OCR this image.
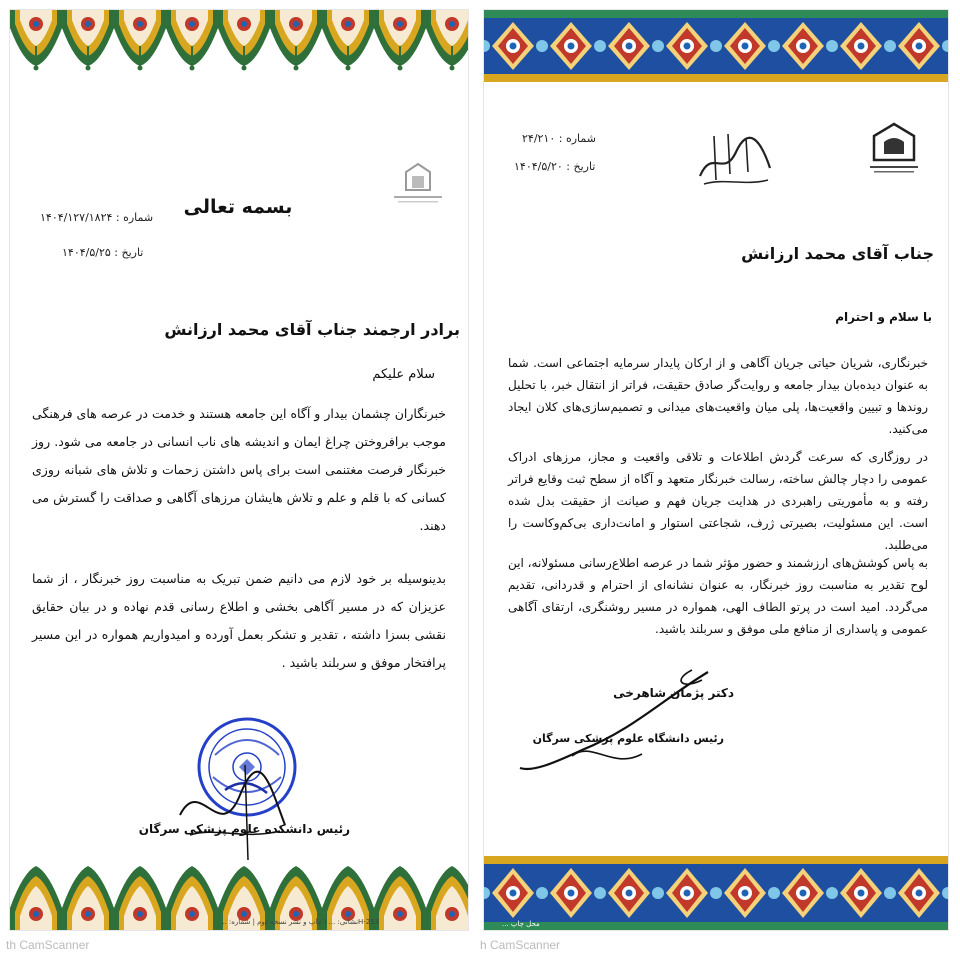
بسمه تعالی
شماره : ۱۴۰۴/۱۲۷/۱۸۲۴
تاریخ : ۱۴۰۴/۵/۲۵
برادر ارجمند جناب آقای محمد ارزانش
سلام علیکم
خبرنگاران چشمان بیدار و آگاه این جامعه هستند و خدمت در عرصه های فرهنگی موجب برافروختن چراغ ایمان و اندیشه های ناب انسانی در جامعه می شود. روز خبرنگار فرصت مغتنمی است برای پاس داشتن زحمات و تلاش های شبانه روزی کسانی که با قلم و علم و تلاش هایشان مرزهای آگاهی و صداقت را گسترش می دهند.
بدینوسیله بر خود لازم می دانیم ضمن تبریک به مناسبت روز خبرنگار ، از شما عزیزان که در مسیر آگاهی بخشی و اطلاع رسانی قدم نهاده و در بیان حقایق نقشی بسزا داشته ، تقدیر و تشکر بعمل آورده و امیدواریم همواره در این مسیر پرافتخار موفق و سربلند باشید .
رئیس دانشکده علوم پزشکی سرگان
H-253
نشانی: ... | چاپ و نشر نسخه دوم | شماره: ...
th CamScanner
شماره : ۲۴/۲۱۰
تاریخ : ۱۴۰۴/۵/۲۰
جناب آقای محمد ارزانش
با سلام و احترام
خبرنگاری، شریان حیاتی جریان آگاهی و از ارکان پایدار سرمایه اجتماعی است. شما به عنوان دیده‌بان بیدار جامعه و روایت‌گر صادق حقیقت، فراتر از انتقال خبر، با تحلیل روندها و تبیین واقعیت‌ها، پلی میان واقعیت‌های میدانی و تصمیم‌سازی‌های کلان ایجاد می‌کنید.
در روزگاری که سرعت گردش اطلاعات و تلاقی واقعیت و مجاز، مرزهای ادراک عمومی را دچار چالش ساخته، رسالت خبرنگار متعهد و آگاه از سطح ثبت وقایع فراتر رفته و به مأموریتی راهبردی در هدایت جریان فهم و صیانت از حقیقت بدل شده است. این مسئولیت، بصیرتی ژرف، شجاعتی استوار و امانت‌داری بی‌کم‌وکاست را می‌طلبد.
به پاس کوشش‌های ارزشمند و حضور مؤثر شما در عرصه اطلاع‌رسانی مسئولانه، این لوح تقدیر به مناسبت روز خبرنگار، به عنوان نشانه‌ای از احترام و قدردانی، تقدیم می‌گردد. امید است در پرتو الطاف الهی، همواره در مسیر روشنگری، ارتقای آگاهی عمومی و پاسداری از منافع ملی موفق و سربلند باشید.
دکتر پژمان شاهرخی
رئیس دانشگاه علوم پزشکی سرگان
محل چاپ ...
h CamScanner
